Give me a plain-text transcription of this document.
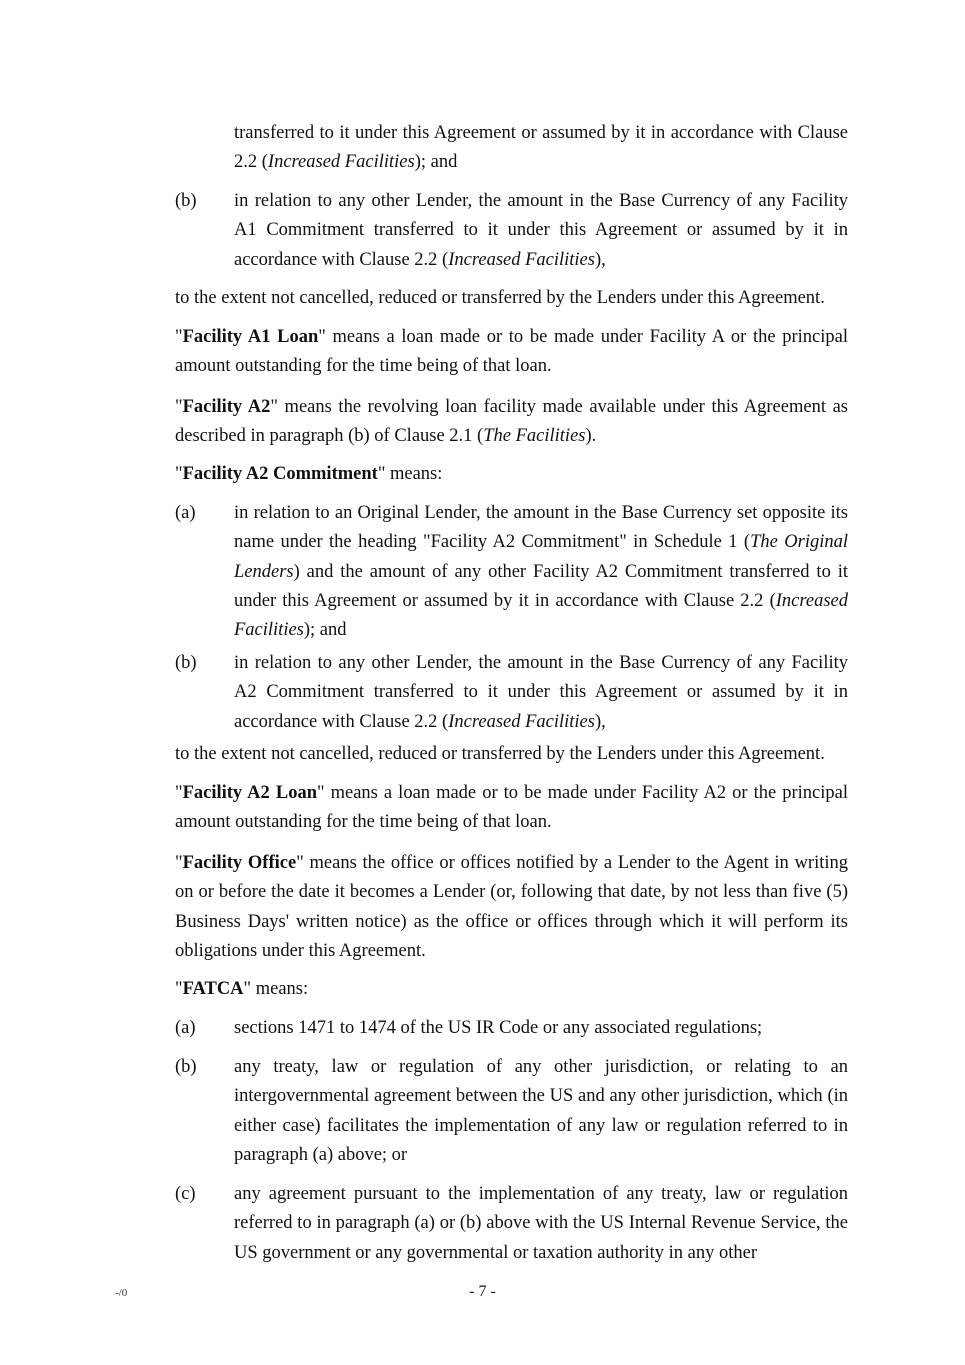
transferred to it under this Agreement or assumed by it in accordance with Clause 2.2 (Increased Facilities); and

(b)	in relation to any other Lender, the amount in the Base Currency of any Facility A1 Commitment transferred to it under this Agreement or assumed by it in accordance with Clause 2.2 (Increased Facilities),

to the extent not cancelled, reduced or transferred by the Lenders under this Agreement.

"Facility A1 Loan" means a loan made or to be made under Facility A or the principal amount outstanding for the time being of that loan.

"Facility A2" means the revolving loan facility made available under this Agreement as described in paragraph (b) of Clause 2.1 (The Facilities).

"Facility A2 Commitment" means:

(a)	in relation to an Original Lender, the amount in the Base Currency set opposite its name under the heading "Facility A2 Commitment" in Schedule 1 (The Original Lenders) and the amount of any other Facility A2 Commitment transferred to it under this Agreement or assumed by it in accordance with Clause 2.2 (Increased Facilities); and

(b)	in relation to any other Lender, the amount in the Base Currency of any Facility A2 Commitment transferred to it under this Agreement or assumed by it in accordance with Clause 2.2 (Increased Facilities),

to the extent not cancelled, reduced or transferred by the Lenders under this Agreement.

"Facility A2 Loan" means a loan made or to be made under Facility A2 or the principal amount outstanding for the time being of that loan.

"Facility Office" means the office or offices notified by a Lender to the Agent in writing on or before the date it becomes a Lender (or, following that date, by not less than five (5) Business Days' written notice) as the office or offices through which it will perform its obligations under this Agreement.

"FATCA" means:

(a)	sections 1471 to 1474 of the US IR Code or any associated regulations;

(b)	any treaty, law or regulation of any other jurisdiction, or relating to an intergovernmental agreement between the US and any other jurisdiction, which (in either case) facilitates the implementation of any law or regulation referred to in paragraph (a) above; or

(c)	any agreement pursuant to the implementation of any treaty, law or regulation referred to in paragraph (a) or (b) above with the US Internal Revenue Service, the US government or any governmental or taxation authority in any other

-/0	- 7 -
